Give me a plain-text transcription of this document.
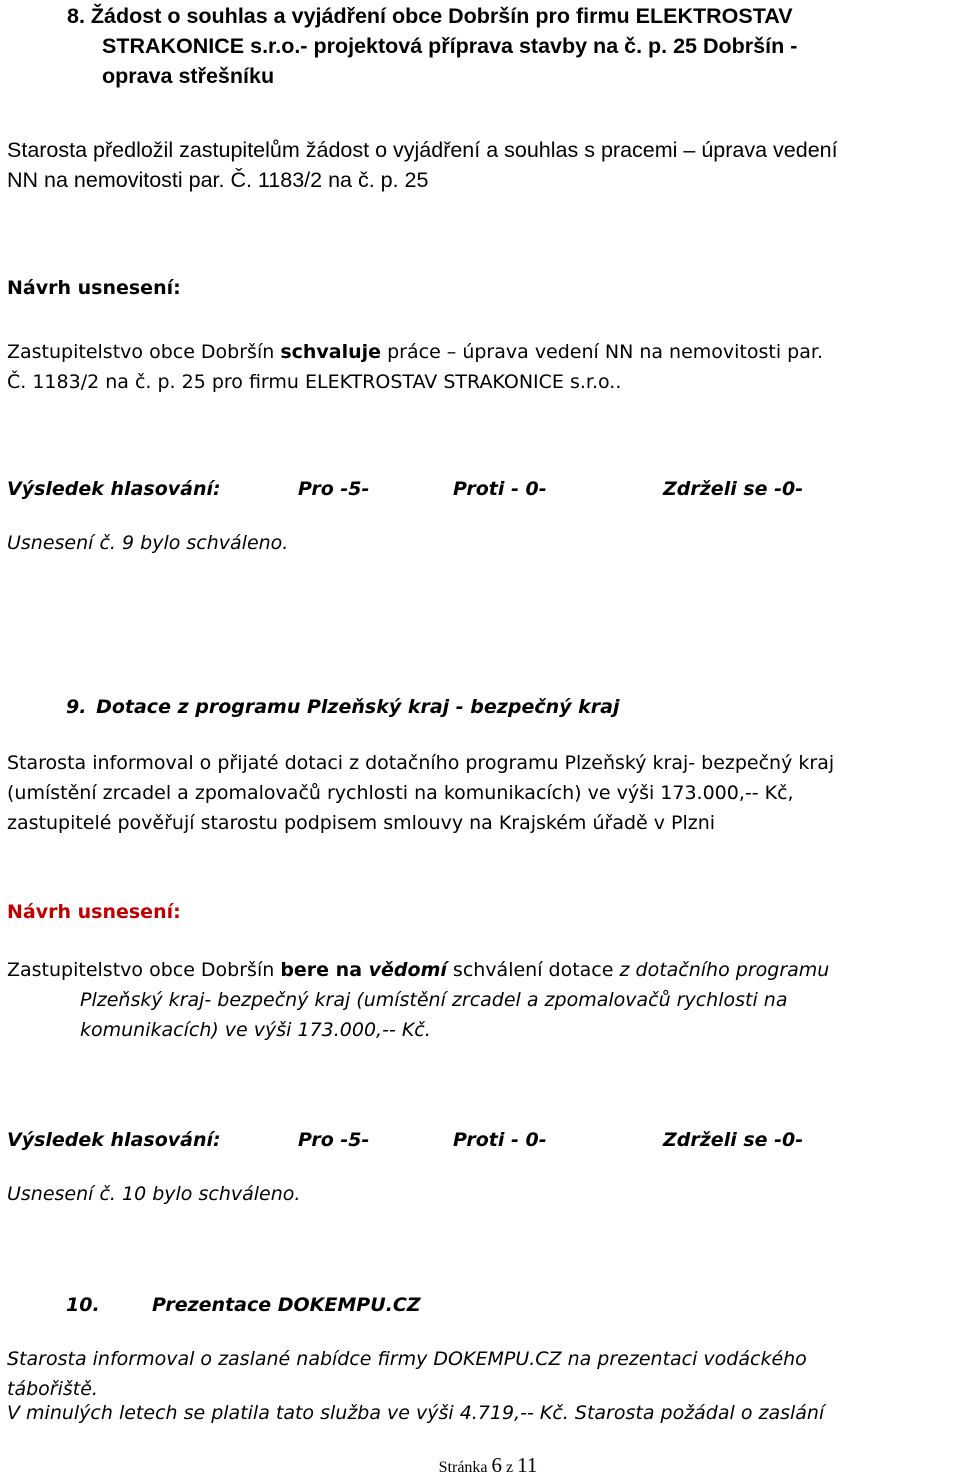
8. Žádost o souhlas a vyjádření obce Dobršín pro firmu ELEKTROSTAV
STRAKONICE s.r.o.- projektová příprava stavby na č. p. 25 Dobršín -
oprava střešníku
Starosta předložil zastupitelům žádost o vyjádření a souhlas s pracemi – úprava vedení
NN na nemovitosti par. Č. 1183/2 na č. p. 25
Návrh usnesení:
Zastupitelstvo obce Dobršín schvaluje práce – úprava vedení NN na nemovitosti par.
Č. 1183/2 na č. p. 25 pro firmu ELEKTROSTAV STRAKONICE s.r.o..
Výsledek hlasování:	Pro -5-	Proti - 0-	Zdrželi se -0-
Usnesení č. 9 bylo schváleno.
9. Dotace z programu Plzeňský kraj - bezpečný kraj
Starosta informoval o přijaté dotaci z dotačního programu Plzeňský kraj- bezpečný kraj
(umístění zrcadel a zpomalovačů rychlosti na komunikacích) ve výši 173.000,-- Kč,
zastupitelé pověřují starostu podpisem smlouvy na Krajském úřadě v Plzni
Návrh usnesení:
Zastupitelstvo obce Dobršín bere na vědomí schválení dotace z dotačního programu
Plzeňský kraj- bezpečný kraj (umístění zrcadel a zpomalovačů rychlosti na
komunikacích) ve výši 173.000,-- Kč.
Výsledek hlasování:	Pro -5-	Proti - 0-	Zdrželi se -0-
Usnesení č. 10 bylo schváleno.
10.	Prezentace DOKEMPU.CZ
Starosta informoval o zaslané nabídce firmy DOKEMPU.CZ na prezentaci vodáckého
tábořiště.
V minulých letech se platila tato služba ve výši 4.719,-- Kč. Starosta požádal o zaslání
Stránka 6 z 11
